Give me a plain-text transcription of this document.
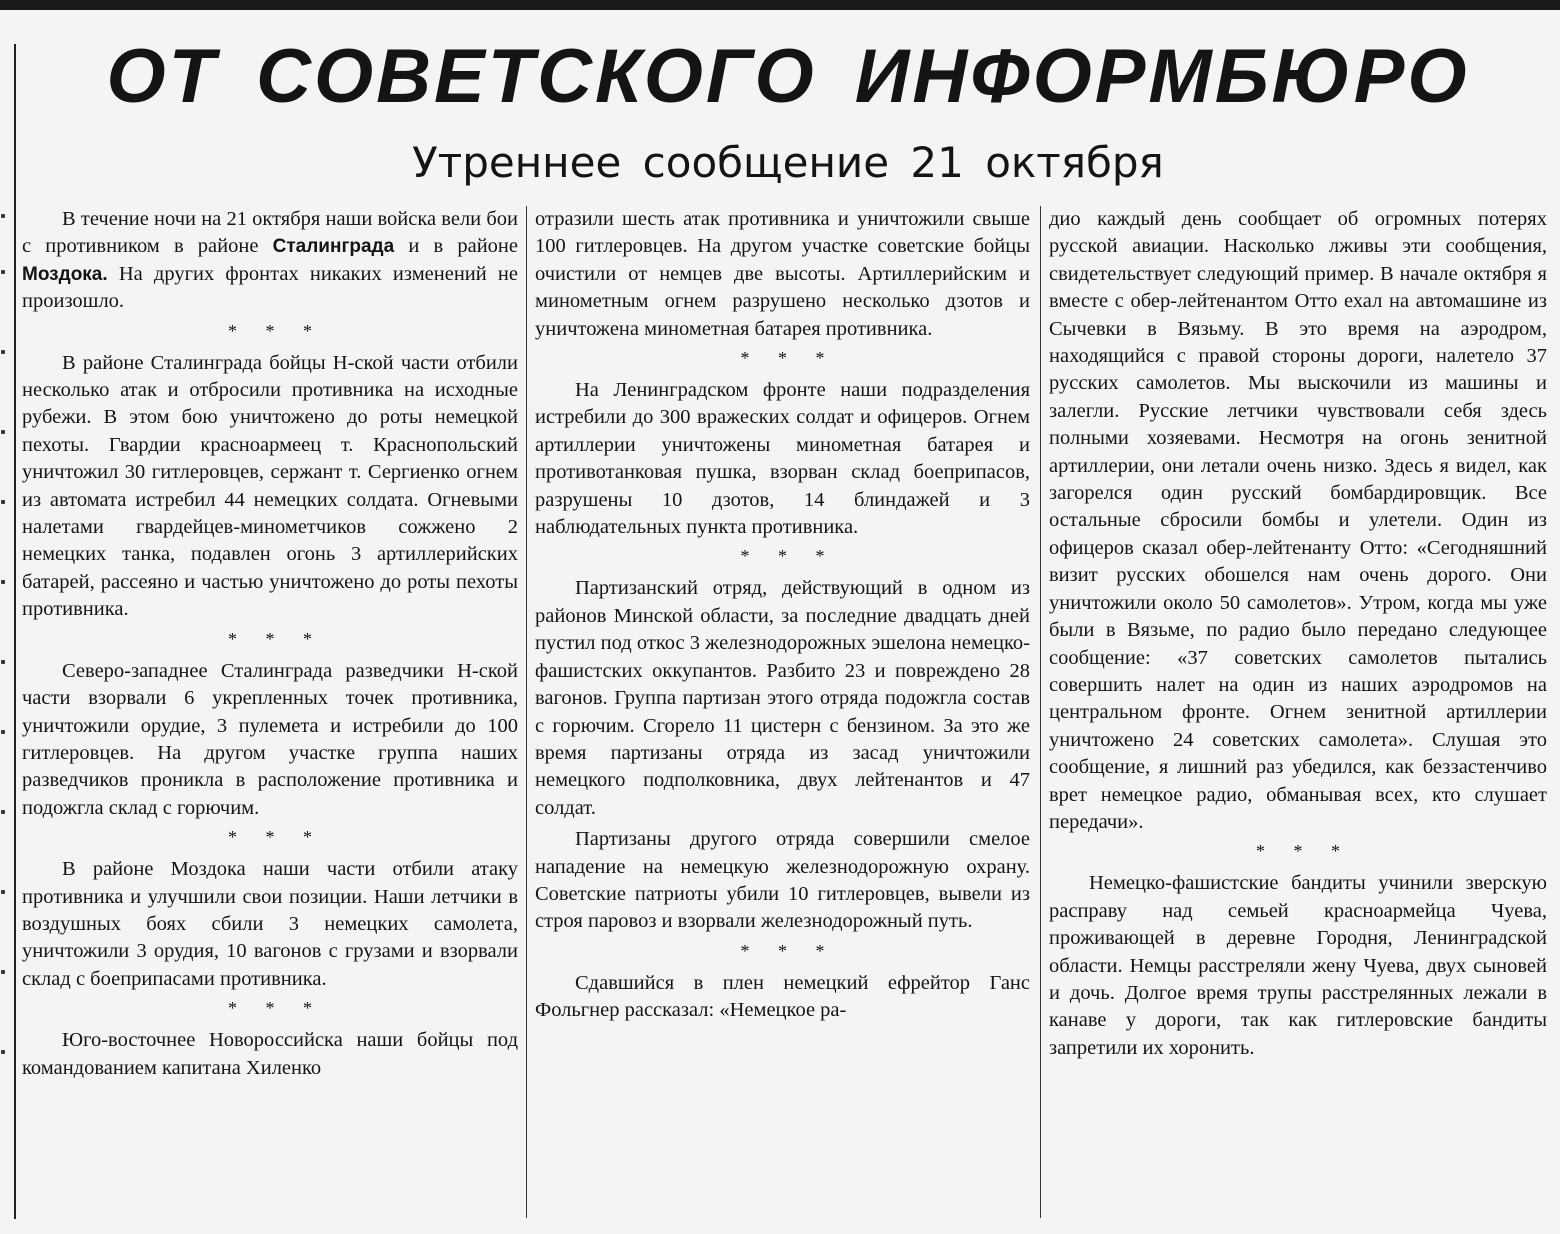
ОТ СОВЕТСКОГО ИНФОРМБЮРО
Утреннее сообщение 21 октября

В течение ночи на 21 октября наши войска вели бои с противником в районе Сталинграда и в районе Моздока. На других фронтах никаких изменений не произошло.

* * *

В районе Сталинграда бойцы Н-ской части отбили несколько атак и отбросили противника на исходные рубежи. В этом бою уничтожено до роты немецкой пехоты. Гвардии красноармеец т. Краснопольский уничтожил 30 гитлеровцев, сержант т. Сергиенко огнем из автомата истребил 44 немецких солдата. Огневыми налетами гвардейцев-минометчиков сожжено 2 немецких танка, подавлен огонь 3 артиллерийских батарей, рассеяно и частью уничтожено до роты пехоты противника.

* * *

Северо-западнее Сталинграда разведчики Н-ской части взорвали 6 укрепленных точек противника, уничтожили орудие, 3 пулемета и истребили до 100 гитлеровцев. На другом участке группа наших разведчиков проникла в расположение противника и подожгла склад с горючим.

* * *

В районе Моздока наши части отбили атаку противника и улучшили свои позиции. Наши летчики в воздушных боях сбили 3 немецких самолета, уничтожили 3 орудия, 10 вагонов с грузами и взорвали склад с боеприпасами противника.

* * *

Юго-восточнее Новороссийска наши бойцы под командованием капитана Хиленко

отразили шесть атак противника и уничтожили свыше 100 гитлеровцев. На другом участке советские бойцы очистили от немцев две высоты. Артиллерийским и минометным огнем разрушено несколько дзотов и уничтожена минометная батарея противника.

* * *

На Ленинградском фронте наши подразделения истребили до 300 вражеских солдат и офицеров. Огнем артиллерии уничтожены минометная батарея и противотанковая пушка, взорван склад боеприпасов, разрушены 10 дзотов, 14 блиндажей и 3 наблюдательных пункта противника.

* * *

Партизанский отряд, действующий в одном из районов Минской области, за последние двадцать дней пустил под откос 3 железнодорожных эшелона немецко-фашистских оккупантов. Разбито 23 и повреждено 28 вагонов. Группа партизан этого отряда подожгла состав с горючим. Сгорело 11 цистерн с бензином. За это же время партизаны отряда из засад уничтожили немецкого подполковника, двух лейтенантов и 47 солдат.

Партизаны другого отряда совершили смелое нападение на немецкую железнодорожную охрану. Советские патриоты убили 10 гитлеровцев, вывели из строя паровоз и взорвали железнодорожный путь.

* * *

Сдавшийся в плен немецкий ефрейтор Ганс Фольгнер рассказал: «Немецкое ра-

дио каждый день сообщает об огромных потерях русской авиации. Насколько лживы эти сообщения, свидетельствует следующий пример. В начале октября я вместе с обер-лейтенантом Отто ехал на автомашине из Сычевки в Вязьму. В это время на аэродром, находящийся с правой стороны дороги, налетело 37 русских самолетов. Мы выскочили из машины и залегли. Русские летчики чувствовали себя здесь полными хозяевами. Несмотря на огонь зенитной артиллерии, они летали очень низко. Здесь я видел, как загорелся один русский бомбардировщик. Все остальные сбросили бомбы и улетели. Один из офицеров сказал обер-лейтенанту Отто: «Сегодняшний визит русских обошелся нам очень дорого. Они уничтожили около 50 самолетов». Утром, когда мы уже были в Вязьме, по радио было передано следующее сообщение: «37 советских самолетов пытались совершить налет на один из наших аэродромов на центральном фронте. Огнем зенитной артиллерии уничтожено 24 советских самолета». Слушая это сообщение, я лишний раз убедился, как беззастенчиво врет немецкое радио, обманывая всех, кто слушает передачи».

* * *

Немецко-фашистские бандиты учинили зверскую расправу над семьей красноармейца Чуева, проживающей в деревне Городня, Ленинградской области. Немцы расстреляли жену Чуева, двух сыновей и дочь. Долгое время трупы расстрелянных лежали в канаве у дороги, так как гитлеровские бандиты запретили их хоронить.
